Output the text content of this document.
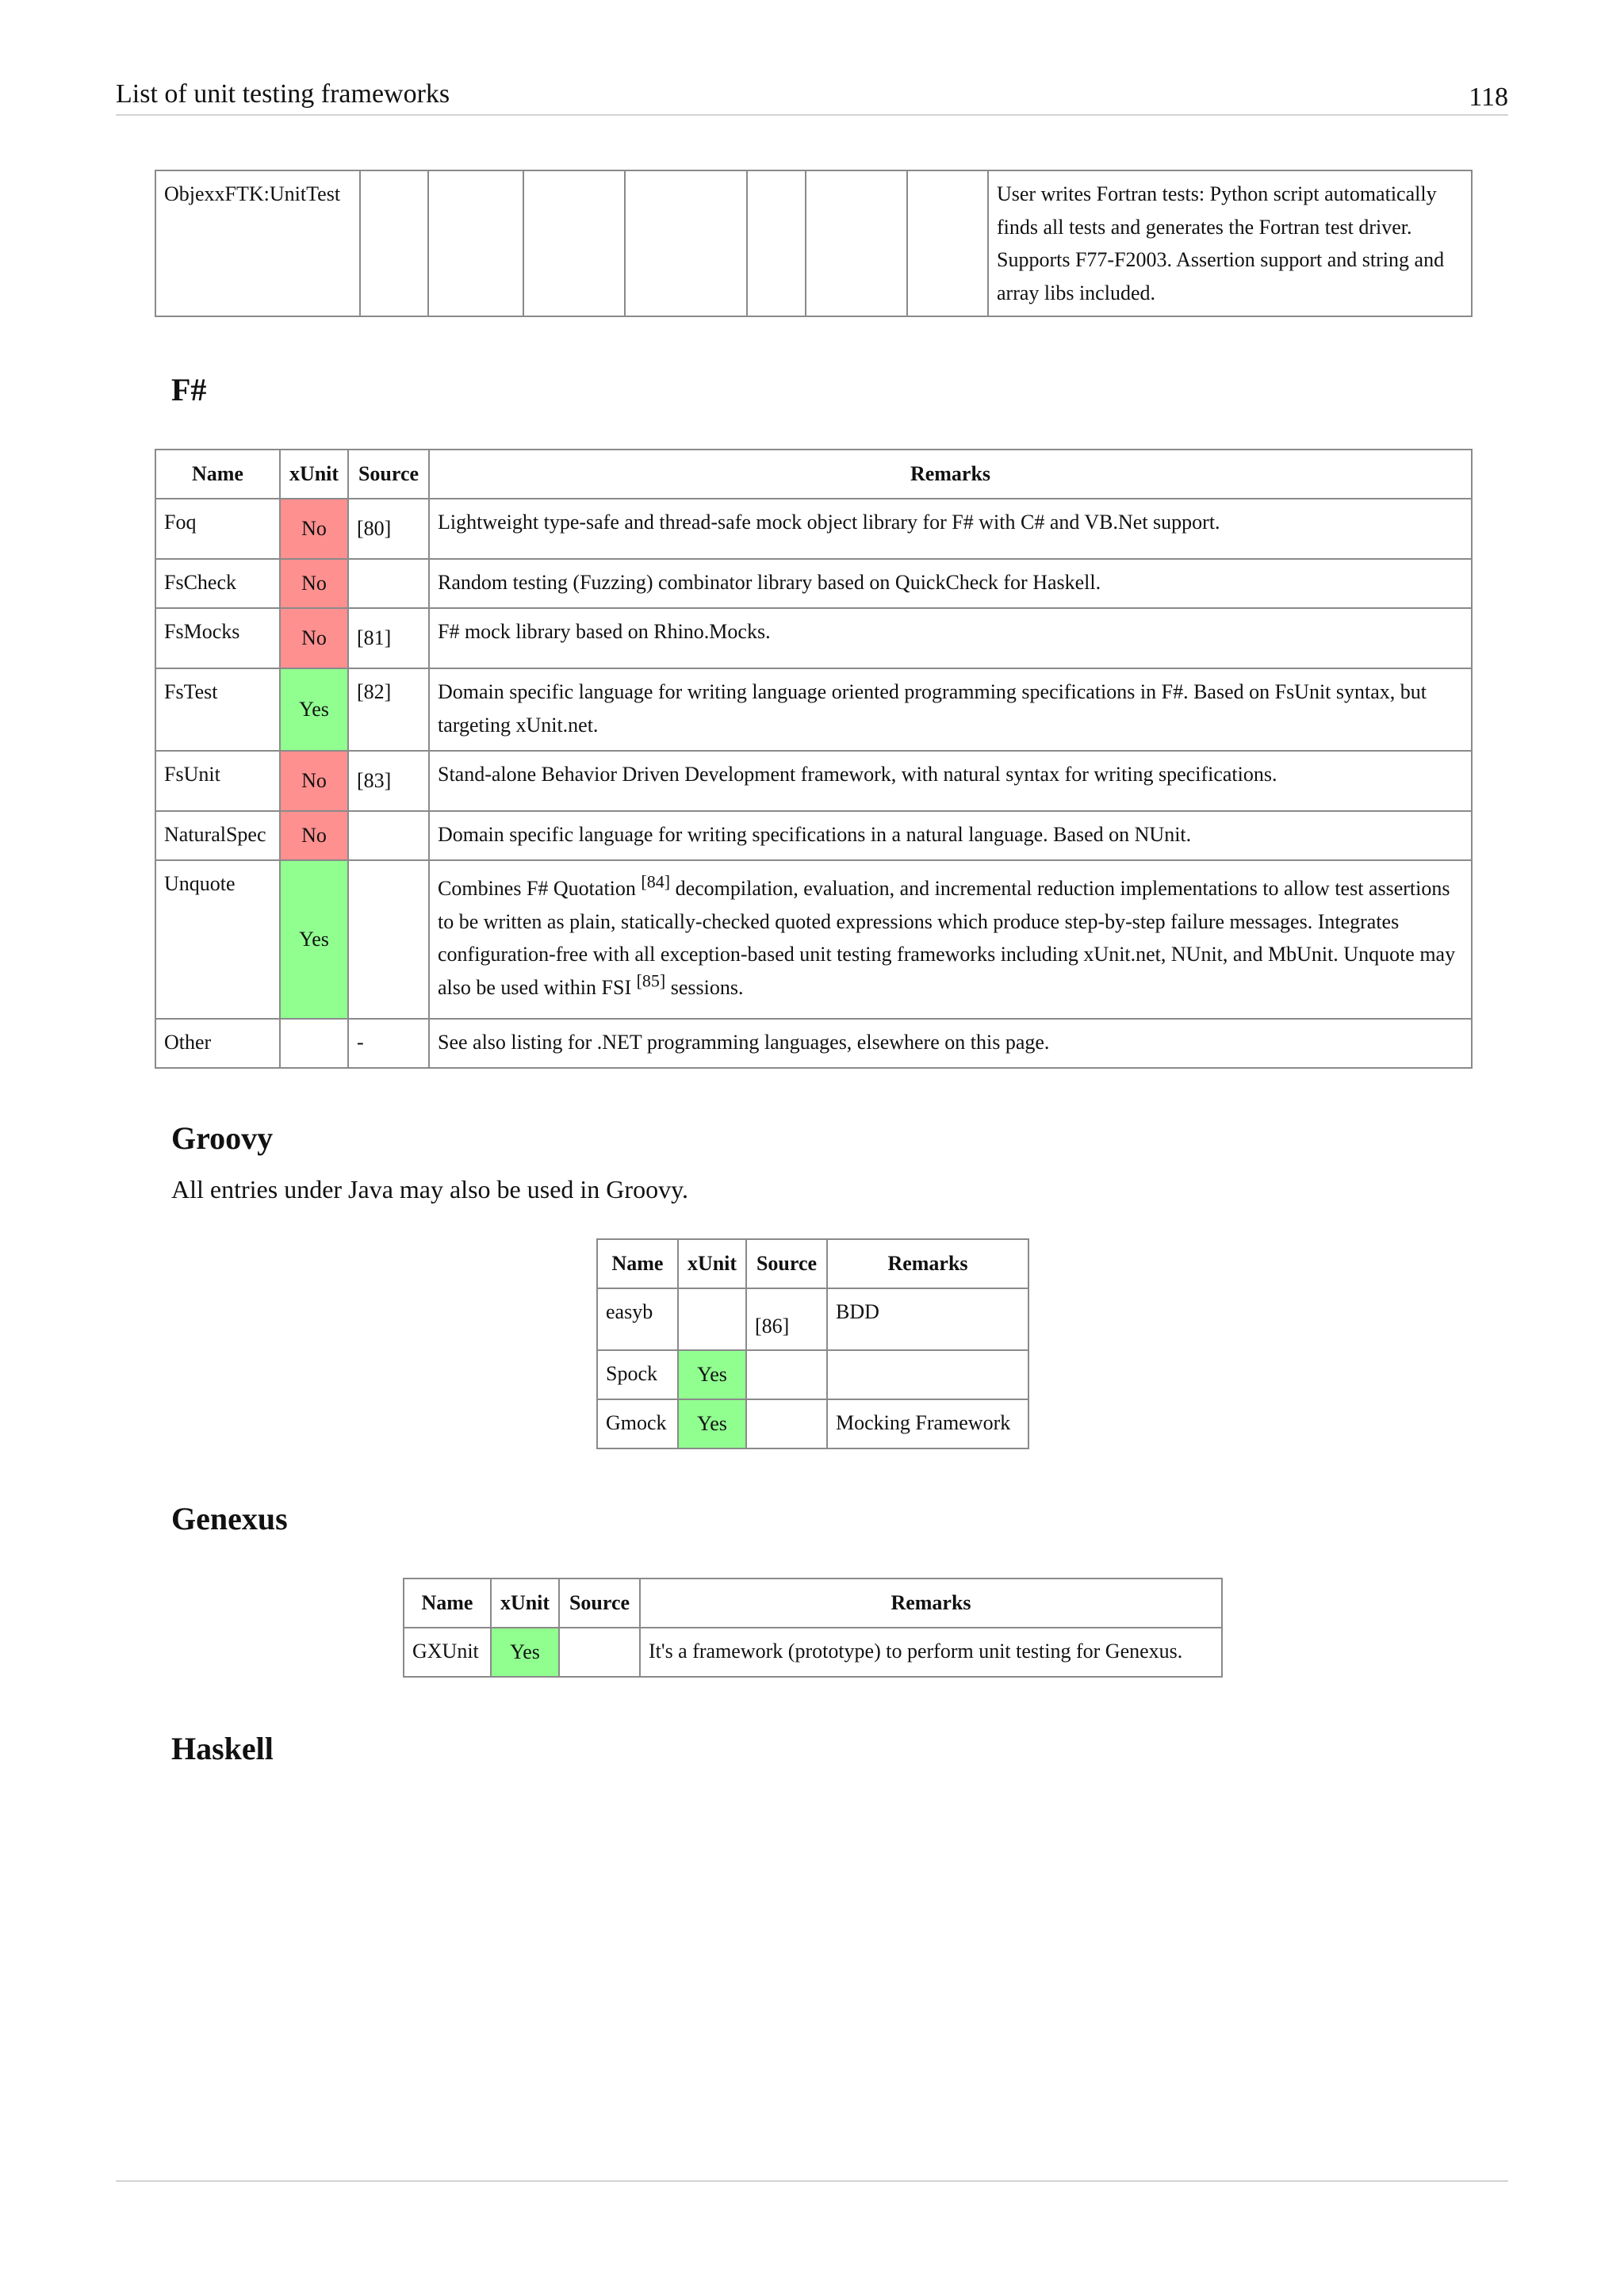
List of unit testing frameworks	118
ObjexxFTK:UnitTest								User writes Fortran tests: Python script automatically finds all tests and generates the Fortran test driver. Supports F77-F2003. Assertion support and string and array libs included.
F#
Name	xUnit	Source	Remarks
Foq	No	[80]	Lightweight type-safe and thread-safe mock object library for F# with C# and VB.Net support.
FsCheck	No		Random testing (Fuzzing) combinator library based on QuickCheck for Haskell.
FsMocks	No	[81]	F# mock library based on Rhino.Mocks.
FsTest	Yes	[82]	Domain specific language for writing language oriented programming specifications in F#. Based on FsUnit syntax, but targeting xUnit.net.
FsUnit	No	[83]	Stand-alone Behavior Driven Development framework, with natural syntax for writing specifications.
NaturalSpec	No		Domain specific language for writing specifications in a natural language. Based on NUnit.
Unquote	Yes		Combines F# Quotation [84] decompilation, evaluation, and incremental reduction implementations to allow test assertions to be written as plain, statically-checked quoted expressions which produce step-by-step failure messages. Integrates configuration-free with all exception-based unit testing frameworks including xUnit.net, NUnit, and MbUnit. Unquote may also be used within FSI [85] sessions.
Other		-	See also listing for .NET programming languages, elsewhere on this page.
Groovy
All entries under Java may also be used in Groovy.
Name	xUnit	Source	Remarks
easyb		[86]	BDD
Spock	Yes		
Gmock	Yes		Mocking Framework
Genexus
Name	xUnit	Source	Remarks
GXUnit	Yes		It's a framework (prototype) to perform unit testing for Genexus.
Haskell
